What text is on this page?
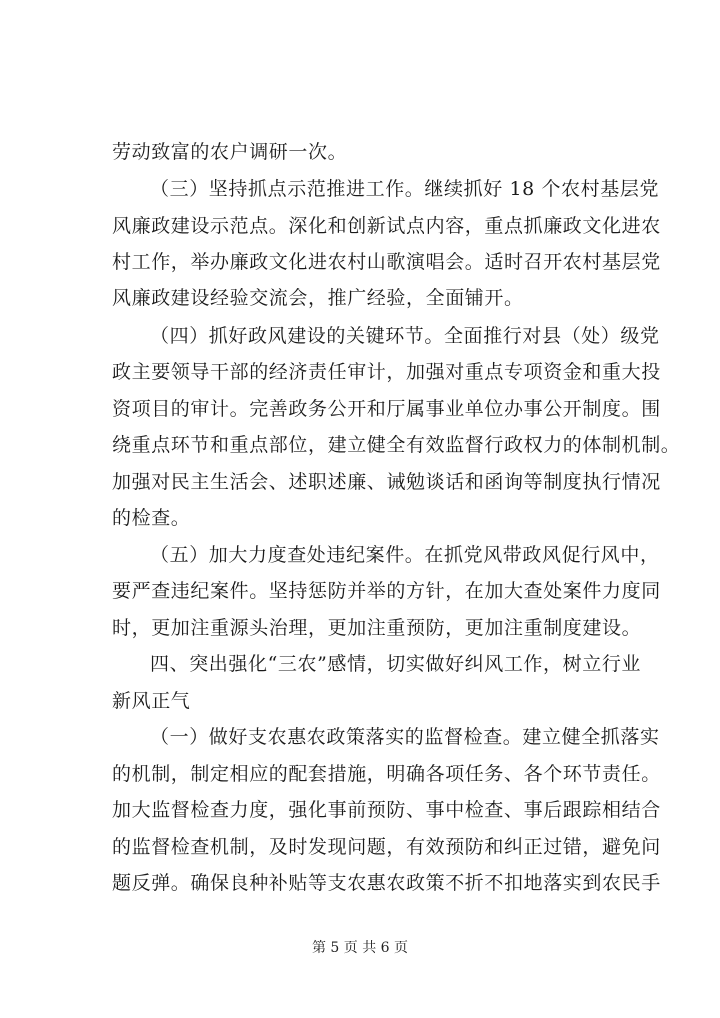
劳动致富的农户调研一次。
（三）坚持抓点示范推进工作。继续抓好 18 个农村基层党
风廉政建设示范点。深化和创新试点内容，重点抓廉政文化进农
村工作，举办廉政文化进农村山歌演唱会。适时召开农村基层党
风廉政建设经验交流会，推广经验，全面铺开。
（四）抓好政风建设的关键环节。全面推行对县（处）级党
政主要领导干部的经济责任审计，加强对重点专项资金和重大投
资项目的审计。完善政务公开和厅属事业单位办事公开制度。围
绕重点环节和重点部位，建立健全有效监督行政权力的体制机制。
加强对民主生活会、述职述廉、诫勉谈话和函询等制度执行情况
的检查。
（五）加大力度查处违纪案件。在抓党风带政风促行风中，
要严查违纪案件。坚持惩防并举的方针，在加大查处案件力度同
时，更加注重源头治理，更加注重预防，更加注重制度建设。
四、突出强化“三农”感情，切实做好纠风工作，树立行业
新风正气
（一）做好支农惠农政策落实的监督检查。建立健全抓落实
的机制，制定相应的配套措施，明确各项任务、各个环节责任。
加大监督检查力度，强化事前预防、事中检查、事后跟踪相结合
的监督检查机制，及时发现问题，有效预防和纠正过错，避免问
题反弹。确保良种补贴等支农惠农政策不折不扣地落实到农民手
第 5 页 共 6 页
